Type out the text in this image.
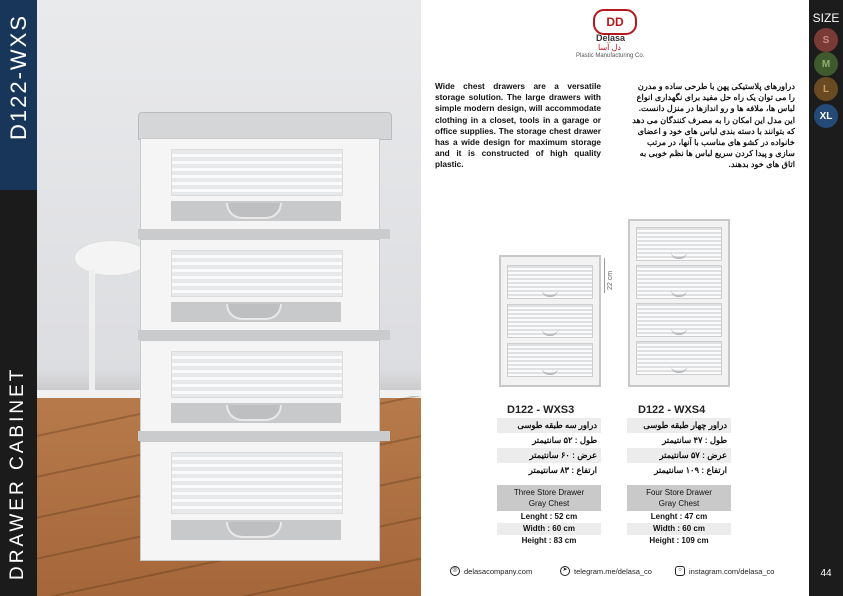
D122-WXS
DRAWER CABINET
DD
Delasa
دل آسا
Plastic Manufacturing Co.
Wide chest drawers are a versatile storage solution. The large drawers with simple modern design, will accommodate clothing in a closet, tools in a garage or office supplies. The storage chest drawer has a wide design for maximum storage and it is constructed of high quality plastic.
دراورهای پلاستیکی پهن با طرحی ساده و مدرن را می توان یک راه حل مفید برای نگهداری انواع لباس ها، ملافه ها و رو اندازها در منزل دانست. این مدل این امکان را به مصرف کنندگان می دهد که بتوانند با دسته بندی لباس های خود و اعضای خانواده در کشو های مناسب با آنها، در مرتب سازی و پیدا کردن سریع لباس ها نظم خوبی به اتاق های خود بدهند.
SIZE
S
M
L
XL
22 cm
D122 - WXS3
دراور سه طبقه طوسی
طول : ۵۲ سانتیمتر
عرض : ۶۰ سانتیمتر
ارتفاع : ۸۳ سانتیمتر
Three Store Drawer
Gray Chest
Lenght : 52 cm
Width : 60 cm
Height : 83 cm
D122 - WXS4
دراور چهار طبقه طوسی
طول : ۴۷ سانتیمتر
عرض : ۵۷ سانتیمتر
ارتفاع : ۱۰۹ سانتیمتر
Four Store Drawer
Gray Chest
Lenght : 47 cm
Width : 60 cm
Height : 109 cm
◎ delasacompany.com	➤ telegram.me/delasa_co	○ instagram.com/delasa_co	44
